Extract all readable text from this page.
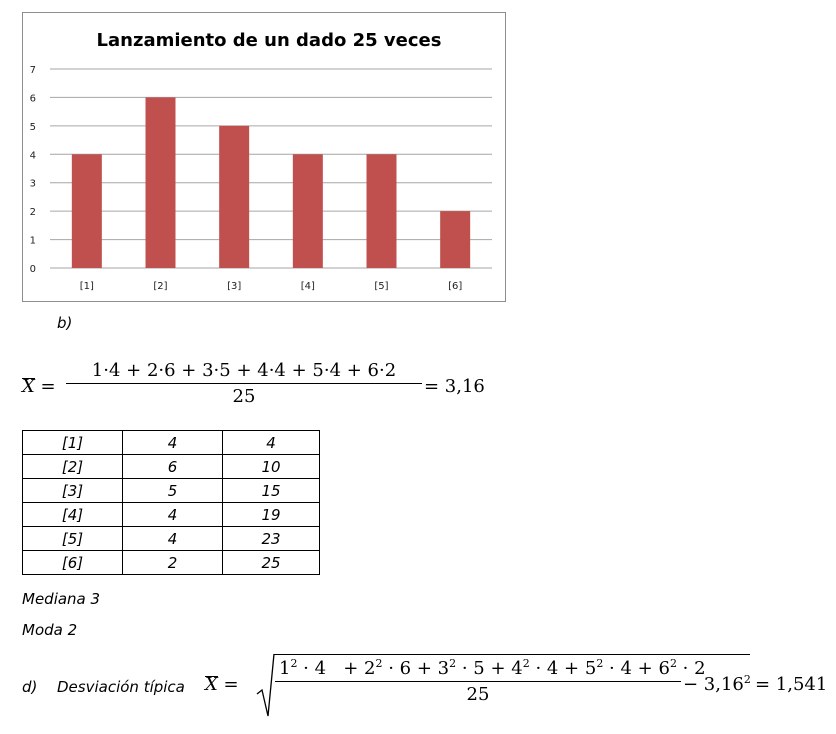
Lanzamiento de un dado 25 veces
0
1
2
3
4
5
6
7
[1]	[2]	[3]	[4]	[5]	[6]
b)
$X = \frac{1\cdot 4 + 2\cdot 6 + 3\cdot 5 + 4\cdot 4 + 5\cdot 4 + 6\cdot 2}{25} = 3,16$
[1]	4	4
[2]	6	10
[3]	5	15
[4]	4	19
[5]	4	23
[6]	2	25
Mediana 3
Moda 2
d) Desviación típica $X = \frac{1^2 \cdot 4 + 2^2 \cdot 6 + 3^2 \cdot 5 + 4^2 \cdot 4 + 5^2 \cdot 4 + 6^2 \cdot 2}{25} - 3,16^2 = 1,541$
